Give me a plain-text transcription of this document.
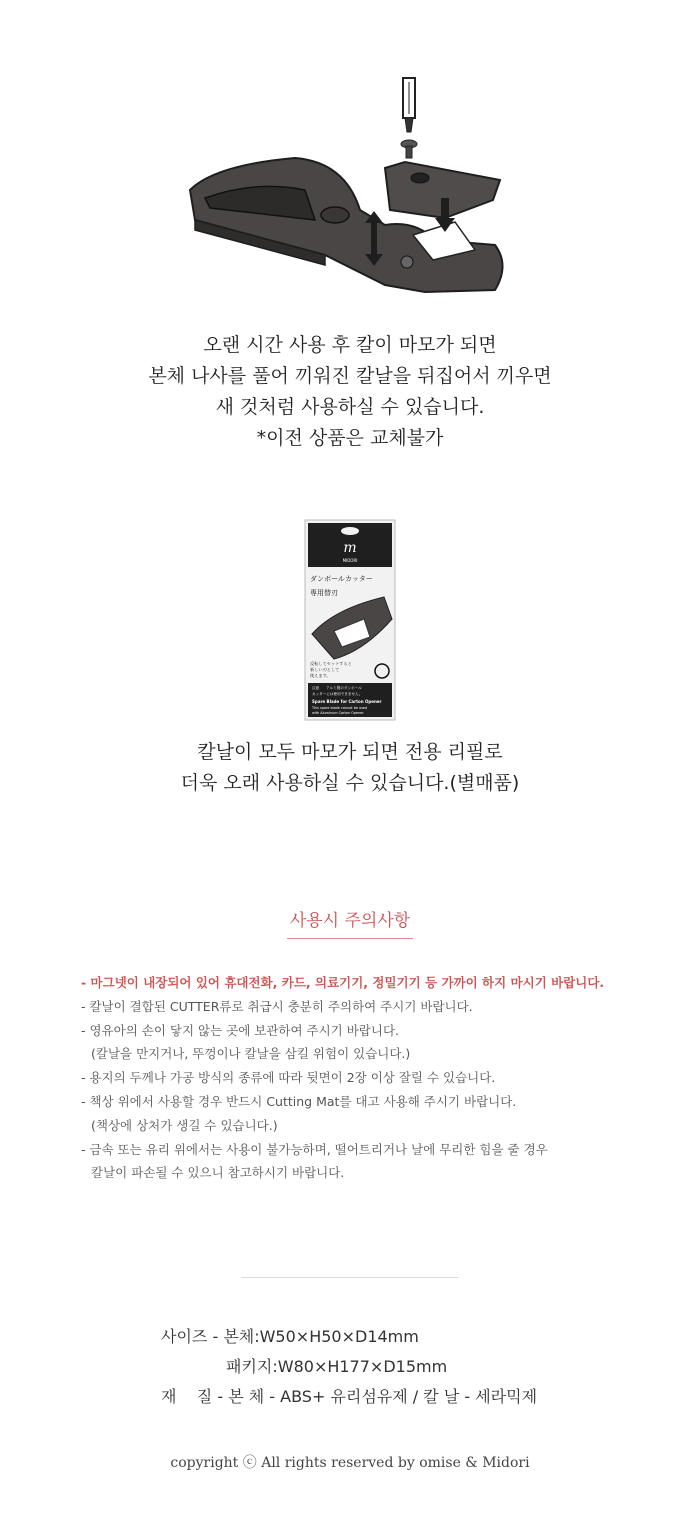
오랜 시간 사용 후 칼이 마모가 되면
본체 나사를 풀어 끼워진 칼날을 뒤집어서 끼우면
새 것처럼 사용하실 수 있습니다.
*이전 상품은 교체불가
m
MIDORI
ダンボールカッター
専用替刃
反転してセットすると
新しい刃として
使えます。
注意 アルミ製のダンボール
カッターには使用できません。
Spare Blade for Carton Opener
This spare blade cannot be used
with Aluminum Carton Opener.
칼날이 모두 마모가 되면 전용 리필로
더욱 오래 사용하실 수 있습니다.(별매품)
사용시 주의사항
- 마그넷이 내장되어 있어 휴대전화, 카드, 의료기기, 정밀기기 등 가까이 하지 마시기 바랍니다.
- 칼날이 결합된 CUTTER류로 취급시 충분히 주의하여 주시기 바랍니다.
- 영유아의 손이 닿지 않는 곳에 보관하여 주시기 바랍니다.
(칼날을 만지거나, 뚜껑이나 칼날을 삼킬 위험이 있습니다.)
- 용지의 두께나 가공 방식의 종류에 따라 뒷면이 2장 이상 잘릴 수 있습니다.
- 책상 위에서 사용할 경우 반드시 Cutting Mat를 대고 사용해 주시기 바랍니다.
(책상에 상처가 생길 수 있습니다.)
- 금속 또는 유리 위에서는 사용이 불가능하며, 떨어트리거나 날에 무리한 힘을 줄 경우
칼날이 파손될 수 있으니 참고하시기 바랍니다.
사이즈 - 본체:W50×H50×D14mm
패키지:W80×H177×D15mm
재    질 - 본 체 - ABS+ 유리섬유제 / 칼 날 - 세라믹제
copyright ⓒ All rights reserved by omise & Midori
